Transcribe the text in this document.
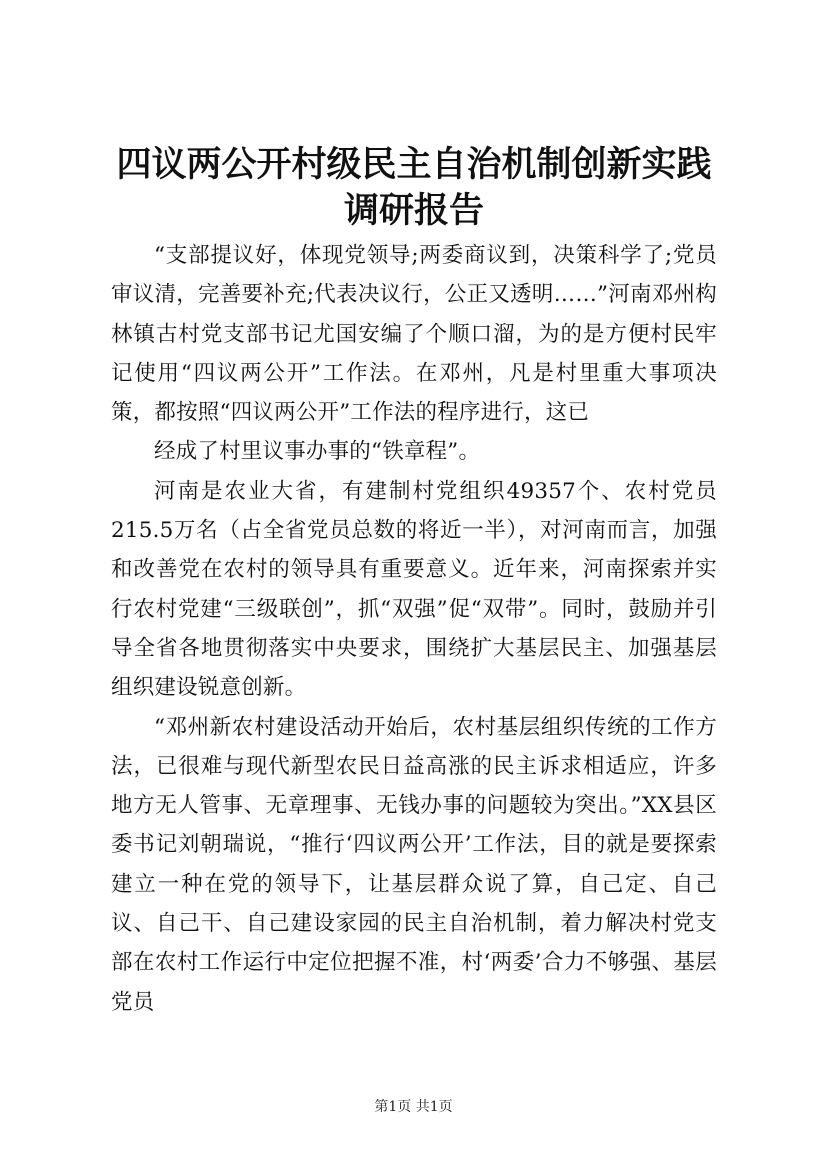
四议两公开村级民主自治机制创新实践调研报告

“支部提议好，体现党领导;两委商议到，决策科学了;党员审议清，完善要补充;代表决议行，公正又透明……”河南邓州构林镇古村党支部书记尤国安编了个顺口溜，为的是方便村民牢记使用“四议两公开”工作法。在邓州，凡是村里重大事项决策，都按照“四议两公开”工作法的程序进行，这已

经成了村里议事办事的“铁章程”。

河南是农业大省，有建制村党组织49357个、农村党员215.5万名（占全省党员总数的将近一半），对河南而言，加强和改善党在农村的领导具有重要意义。近年来，河南探索并实行农村党建“三级联创”，抓“双强”促“双带”。同时，鼓励并引导全省各地贯彻落实中央要求，围绕扩大基层民主、加强基层组织建设锐意创新。

“邓州新农村建设活动开始后，农村基层组织传统的工作方法，已很难与现代新型农民日益高涨的民主诉求相适应，许多地方无人管事、无章理事、无钱办事的问题较为突出。”XX县区委书记刘朝瑞说，“推行‘四议两公开’工作法，目的就是要探索建立一种在党的领导下，让基层群众说了算，自己定、自己议、自己干、自己建设家园的民主自治机制，着力解决村党支部在农村工作运行中定位把握不准，村‘两委’合力不够强、基层党员

第1页 共1页
